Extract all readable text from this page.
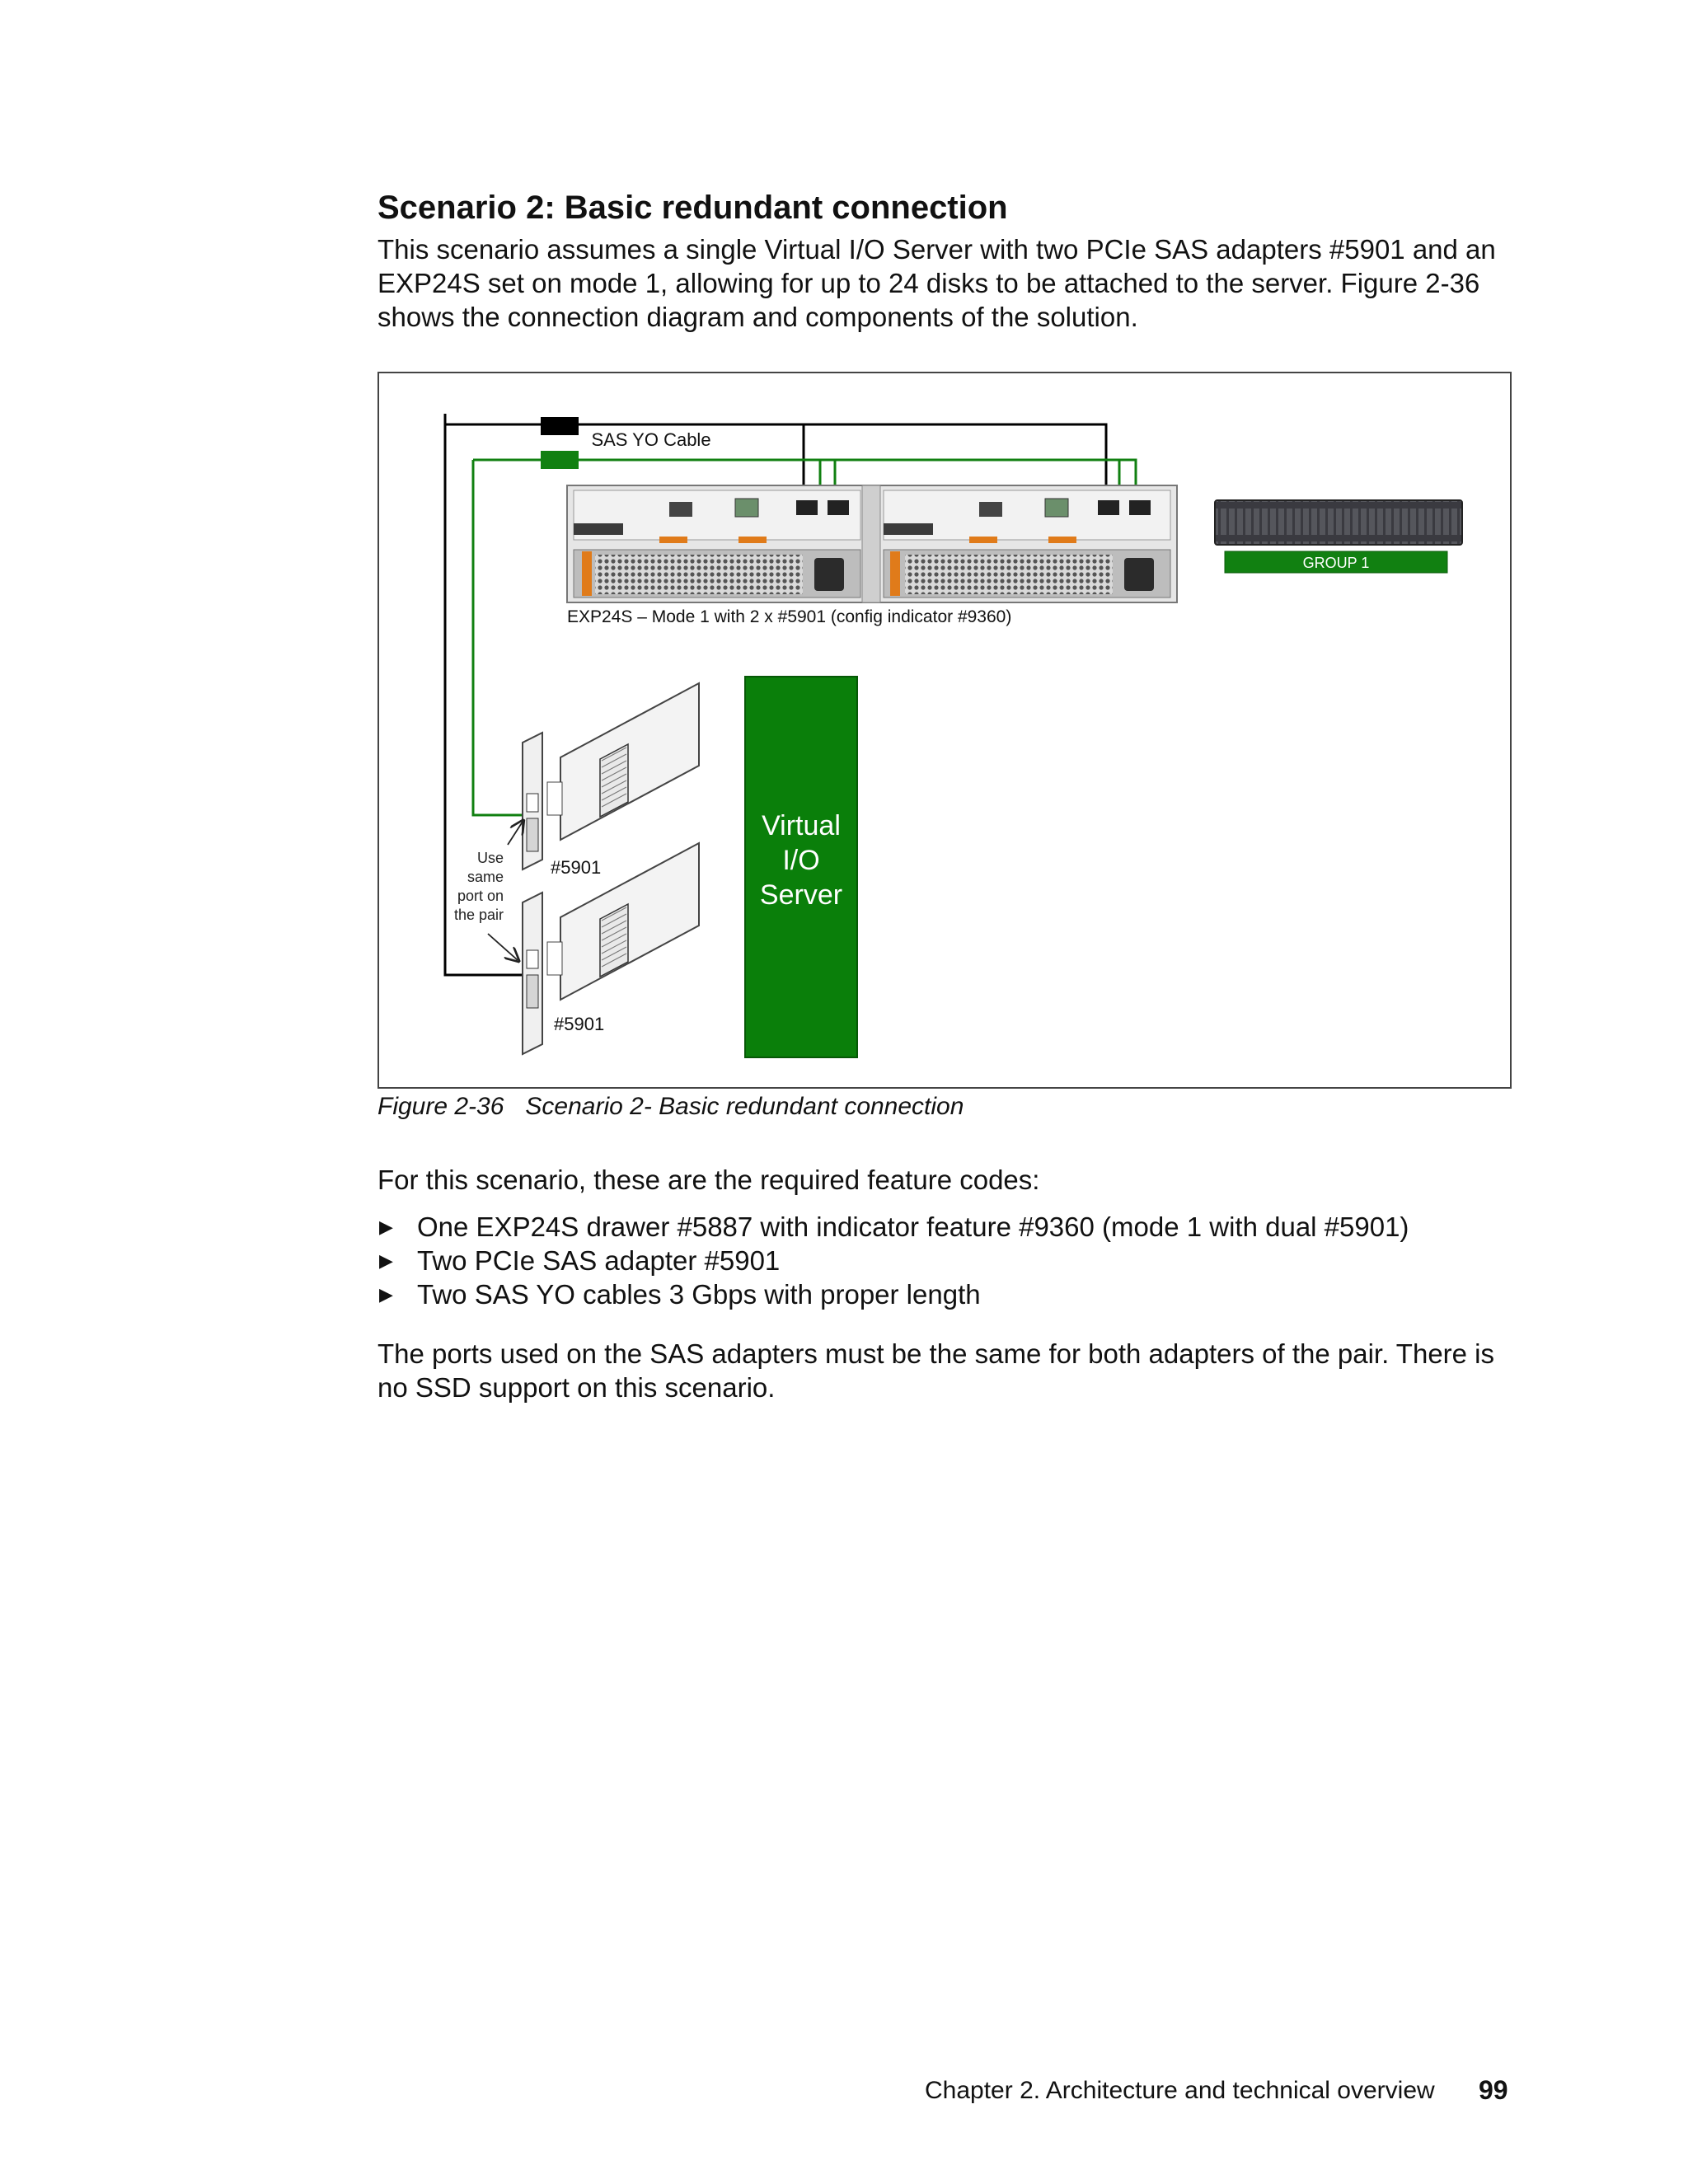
Scenario 2: Basic redundant connection

This scenario assumes a single Virtual I/O Server with two PCIe SAS adapters #5901 and an EXP24S set on mode 1, allowing for up to 24 disks to be attached to the server. Figure 2-36 shows the connection diagram and components of the solution.

SAS YO Cable
EXP24S – Mode 1 with 2 x #5901 (config indicator #9360)
GROUP 1
#5901
#5901
Use
same
port on
the pair
Virtual
I/O
Server

Figure 2-36 Scenario 2- Basic redundant connection

For this scenario, these are the required feature codes:

▶ One EXP24S drawer #5887 with indicator feature #9360 (mode 1 with dual #5901)
▶ Two PCIe SAS adapter #5901
▶ Two SAS YO cables 3 Gbps with proper length

The ports used on the SAS adapters must be the same for both adapters of the pair. There is no SSD support on this scenario.

Chapter 2. Architecture and technical overview 99
